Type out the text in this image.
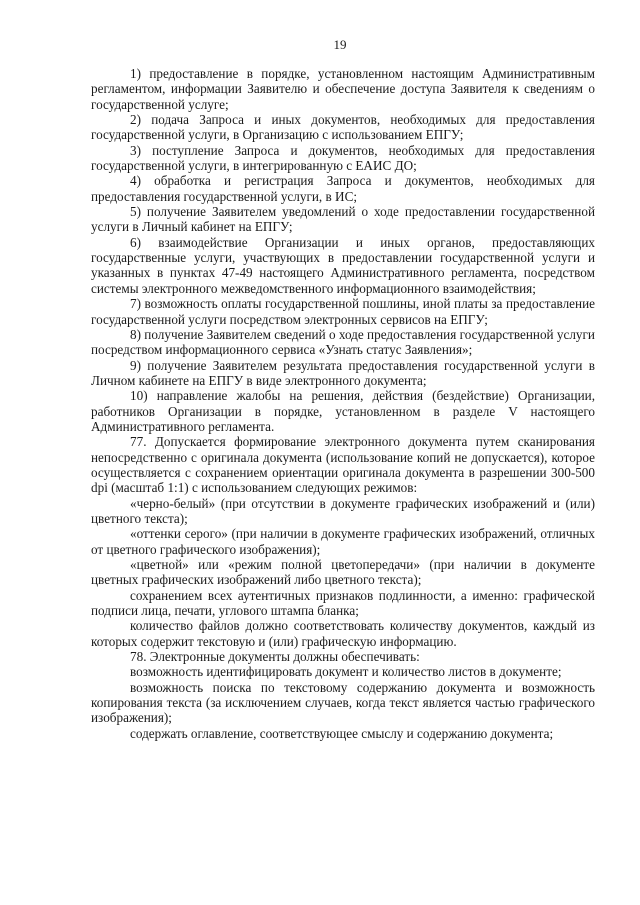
19

1) предоставление в порядке, установленном настоящим Административным регламентом, информации Заявителю и обеспечение доступа Заявителя к сведениям о государственной услуге;

2) подача Запроса и иных документов, необходимых для предоставления государственной услуги, в Организацию с использованием ЕПГУ;

3) поступление Запроса и документов, необходимых для предоставления государственной услуги, в интегрированную с ЕАИС ДО;

4) обработка и регистрация Запроса и документов, необходимых для предоставления государственной услуги, в ИС;

5) получение Заявителем уведомлений о ходе предоставлении государственной услуги в Личный кабинет на ЕПГУ;

6) взаимодействие Организации и иных органов, предоставляющих государственные услуги, участвующих в предоставлении государственной услуги и указанных в пунктах 47-49 настоящего Административного регламента, посредством системы электронного межведомственного информационного взаимодействия;

7) возможность оплаты государственной пошлины, иной платы за предоставление государственной услуги посредством электронных сервисов на ЕПГУ;

8) получение Заявителем сведений о ходе предоставления государственной услуги посредством информационного сервиса «Узнать статус Заявления»;

9) получение Заявителем результата предоставления государственной услуги в Личном кабинете на ЕПГУ в виде электронного документа;

10) направление жалобы на решения, действия (бездействие) Организации, работников Организации в порядке, установленном в разделе V настоящего Административного регламента.

77. Допускается формирование электронного документа путем сканирования непосредственно с оригинала документа (использование копий не допускается), которое осуществляется с сохранением ориентации оригинала документа в разрешении 300-500 dpi (масштаб 1:1) с использованием следующих режимов:

«черно-белый» (при отсутствии в документе графических изображений и (или) цветного текста);

«оттенки серого» (при наличии в документе графических изображений, отличных от цветного графического изображения);

«цветной» или «режим полной цветопередачи» (при наличии в документе цветных графических изображений либо цветного текста);

сохранением всех аутентичных признаков подлинности, а именно: графической подписи лица, печати, углового штампа бланка;

количество файлов должно соответствовать количеству документов, каждый из которых содержит текстовую и (или) графическую информацию.

78. Электронные документы должны обеспечивать:

возможность идентифицировать документ и количество листов в документе;

возможность поиска по текстовому содержанию документа и возможность копирования текста (за исключением случаев, когда текст является частью графического изображения);

содержать оглавление, соответствующее смыслу и содержанию документа;
